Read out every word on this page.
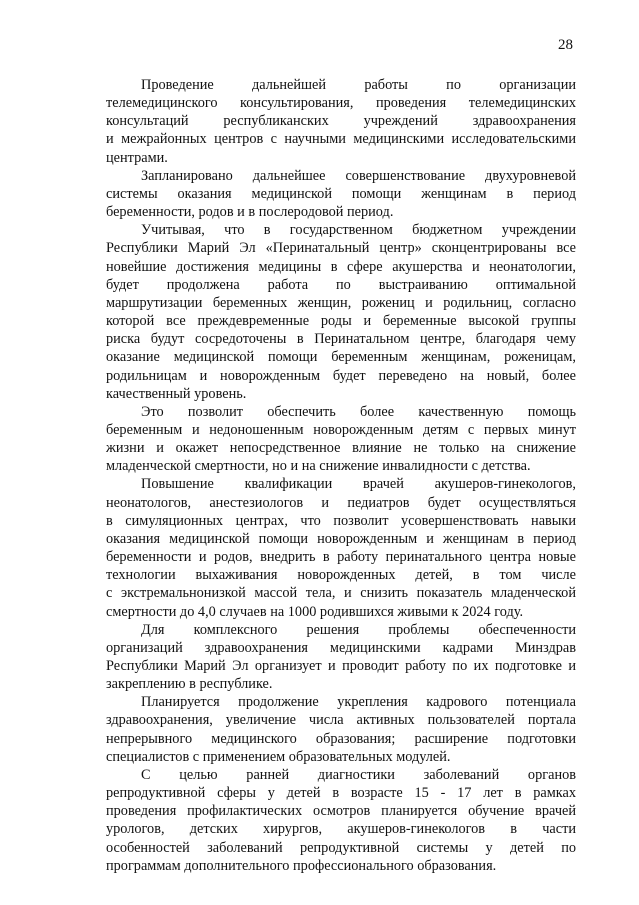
28

Проведение дальнейшей работы по организации
телемедицинского консультирования, проведения телемедицинских
консультаций республиканских учреждений здравоохранения
и межрайонных центров с научными медицинскими исследовательскими
центрами.

Запланировано дальнейшее совершенствование двухуровневой
системы оказания медицинской помощи женщинам в период
беременности, родов и в послеродовой период.

Учитывая, что в государственном бюджетном учреждении
Республики Марий Эл «Перинатальный центр» сконцентрированы все
новейшие достижения медицины в сфере акушерства и неонатологии,
будет продолжена работа по выстраиванию оптимальной
маршрутизации беременных женщин, рожениц и родильниц, согласно
которой все преждевременные роды и беременные высокой группы
риска будут сосредоточены в Перинатальном центре, благодаря чему
оказание медицинской помощи беременным женщинам, роженицам,
родильницам и новорожденным будет переведено на новый, более
качественный уровень.

Это позволит обеспечить более качественную помощь
беременным и недоношенным новорожденным детям с первых минут
жизни и окажет непосредственное влияние не только на снижение
младенческой смертности, но и на снижение инвалидности с детства.

Повышение квалификации врачей акушеров-гинекологов,
неонатологов, анестезиологов и педиатров будет осуществляться
в симуляционных центрах, что позволит усовершенствовать навыки
оказания медицинской помощи новорожденным и женщинам в период
беременности и родов, внедрить в работу перинатального центра новые
технологии выхаживания новорожденных детей, в том числе
с экстремальнонизкой массой тела, и снизить показатель младенческой
смертности до 4,0 случаев на 1000 родившихся живыми к 2024 году.

Для комплексного решения проблемы обеспеченности
организаций здравоохранения медицинскими кадрами Минздрав
Республики Марий Эл организует и проводит работу по их подготовке и
закреплению в республике.

Планируется продолжение укрепления кадрового потенциала
здравоохранения, увеличение числа активных пользователей портала
непрерывного медицинского образования; расширение подготовки
специалистов с применением образовательных модулей.

С целью ранней диагностики заболеваний органов
репродуктивной сферы у детей в возрасте 15 - 17 лет в рамках
проведения профилактических осмотров планируется обучение врачей
урологов, детских хирургов, акушеров-гинекологов в части
особенностей заболеваний репродуктивной системы у детей по
программам дополнительного профессионального образования.
